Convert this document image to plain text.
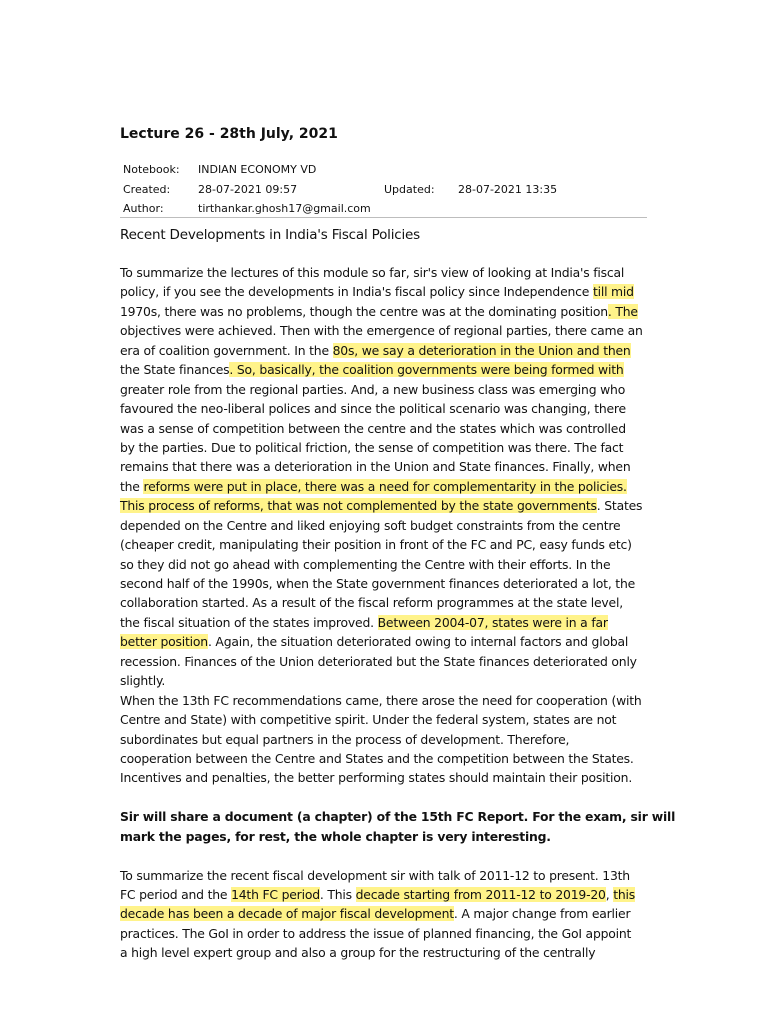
Lecture 26 - 28th July, 2021
Notebook: INDIAN ECONOMY VD
Created:	28-07-2021 09:57	Updated: 28-07-2021 13:35
Author:	tirthankar.ghosh17@gmail.com
Recent Developments in India's Fiscal Policies
To summarize the lectures of this module so far, sir's view of looking at India's fiscal
policy, if you see the developments in India's fiscal policy since Independence till mid
1970s, there was no problems, though the centre was at the dominating position. The
objectives were achieved. Then with the emergence of regional parties, there came an
era of coalition government. In the 80s, we say a deterioration in the Union and then
the State finances. So, basically, the coalition governments were being formed with
greater role from the regional parties. And, a new business class was emerging who
favoured the neo-liberal polices and since the political scenario was changing, there
was a sense of competition between the centre and the states which was controlled
by the parties. Due to political friction, the sense of competition was there. The fact
remains that there was a deterioration in the Union and State finances. Finally, when
the reforms were put in place, there was a need for complementarity in the policies.
This process of reforms, that was not complemented by the state governments. States
depended on the Centre and liked enjoying soft budget constraints from the centre
(cheaper credit, manipulating their position in front of the FC and PC, easy funds etc)
so they did not go ahead with complementing the Centre with their efforts. In the
second half of the 1990s, when the State government finances deteriorated a lot, the
collaboration started. As a result of the fiscal reform programmes at the state level,
the fiscal situation of the states improved. Between 2004-07, states were in a far
better position. Again, the situation deteriorated owing to internal factors and global
recession. Finances of the Union deteriorated but the State finances deteriorated only
slightly.
When the 13th FC recommendations came, there arose the need for cooperation (with
Centre and State) with competitive spirit. Under the federal system, states are not
subordinates but equal partners in the process of development. Therefore,
cooperation between the Centre and States and the competition between the States.
Incentives and penalties, the better performing states should maintain their position.
Sir will share a document (a chapter) of the 15th FC Report. For the exam, sir will
mark the pages, for rest, the whole chapter is very interesting.
To summarize the recent fiscal development sir with talk of 2011-12 to present. 13th
FC period and the 14th FC period. This decade starting from 2011-12 to 2019-20, this
decade has been a decade of major fiscal development. A major change from earlier
practices. The GoI in order to address the issue of planned financing, the GoI appoint
a high level expert group and also a group for the restructuring of the centrally
